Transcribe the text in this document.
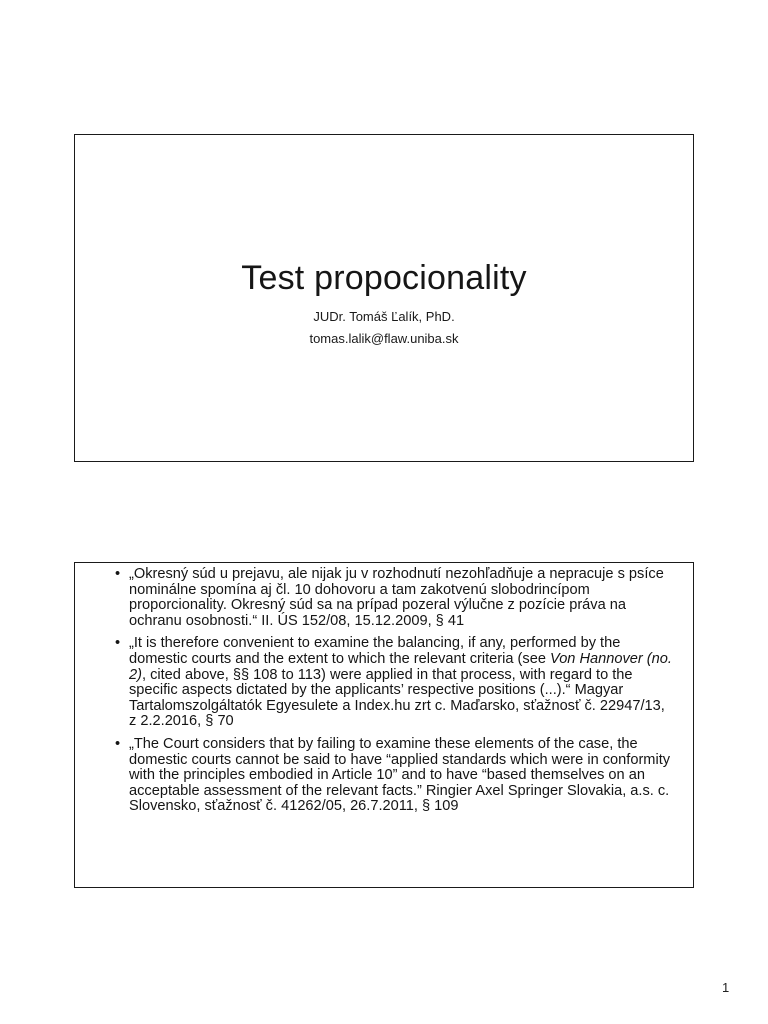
Test propocionality
JUDr. Tomáš Ľalík, PhD.
tomas.lalik@flaw.uniba.sk
• „Okresný súd u prejavu, ale nijak ju v rozhodnutí nezohľadňuje a nepracuje s psíce nominálne spomína aj čl. 10 dohovoru a tam zakotvenú slobodrincípom proporcionality. Okresný súd sa na prípad pozeral výlučne z pozície práva na ochranu osobnosti.“ II. ÚS 152/08, 15.12.2009, § 41
• „It is therefore convenient to examine the balancing, if any, performed by the domestic courts and the extent to which the relevant criteria (see Von Hannover (no. 2), cited above, §§ 108 to 113) were applied in that process, with regard to the specific aspects dictated by the applicants’ respective positions (...).“ Magyar Tartalomszolgáltatók Egyesulete a Index.hu zrt c. Maďarsko, sťažnosť č. 22947/13, z 2.2.2016, § 70
• „The Court considers that by failing to examine these elements of the case, the domestic courts cannot be said to have “applied standards which were in conformity with the principles embodied in Article 10” and to have “based themselves on an acceptable assessment of the relevant facts.” Ringier Axel Springer Slovakia, a.s. c. Slovensko, sťažnosť č. 41262/05, 26.7.2011, § 109
1
